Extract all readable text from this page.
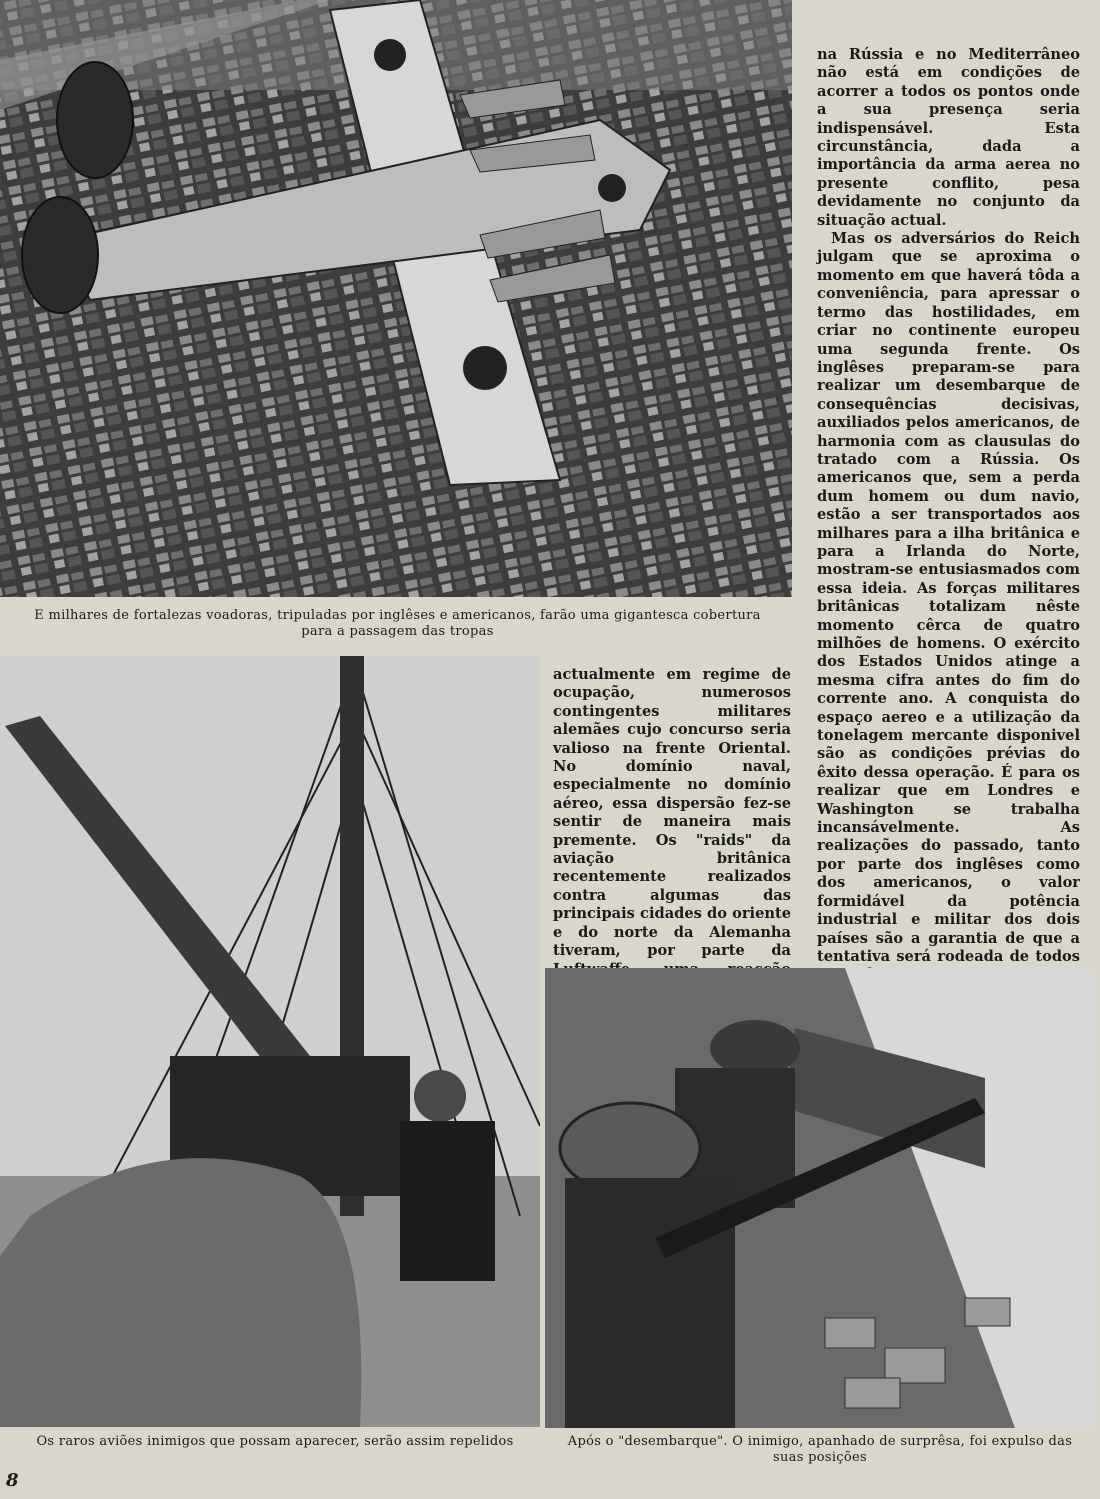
E milhares de fortalezas voadoras, tripuladas por inglêses e americanos, farão uma gigantesca cobertura para a passagem das tropas

na Rússia e no Mediterrâneo não está em condições de acorrer a todos os pontos onde a sua presença seria indispensável. Esta circunstância, dada a importância da arma aerea no presente conflito, pesa devidamente no conjunto da situação actual.

Mas os adversários do Reich julgam que se aproxima o momento em que haverá tôda a conveniência, para apressar o termo das hostilidades, em criar no continente europeu uma segunda frente. Os inglêses preparam-se para realizar um desembarque de consequências decisivas, auxiliados pelos americanos, de harmonia com as clausulas do tratado com a Rússia. Os americanos que, sem a perda dum homem ou dum navio, estão a ser transportados aos milhares para a ilha britânica e para a Irlanda do Norte, mostram-se entusiasmados com essa ideia. As forças militares britânicas totalizam nêste momento cêrca de quatro milhões de homens. O exército dos Estados Unidos atinge a mesma cifra antes do fim do corrente ano. A conquista do espaço aereo e a utilização da tonelagem mercante disponivel são as condições prévias do êxito dessa operação. É para os realizar que em Londres e Washington se trabalha incansávelmente. As realizações do passado, tanto por parte dos inglêses como dos americanos, o valor formidável da potência industrial e militar dos dois países são a garantia de que a tentativa será rodeada de todos

actualmente em regime de ocupação, numerosos contingentes militares alemães cujo concurso seria valioso na frente Oriental. No domínio naval, especialmente no domínio aéreo, essa dispersão fez-se sentir de maneira mais premente. Os "raids" da aviação britânica recentemente realizados contra algumas das principais cidades do oriente e do norte da Alemanha tiveram, por parte da

Os raros aviões inimigos que possam aparecer, serão assim repelidos	Após o "desembarque". O inimigo, apanhado de surprêsa, foi expulso das suas posições
8
